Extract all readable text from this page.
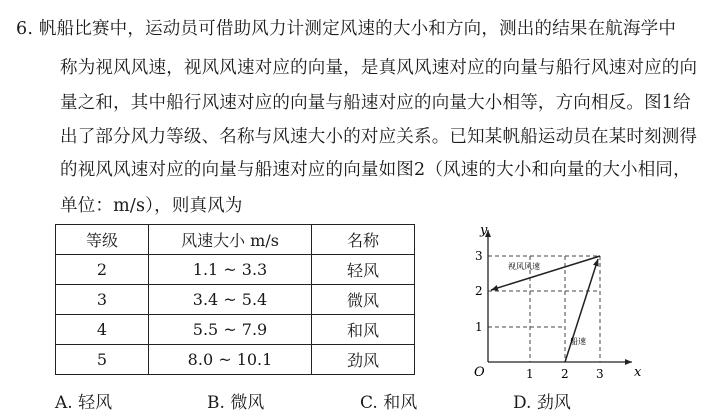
6. 帆船比赛中，运动员可借助风力计测定风速的大小和方向，测出的结果在航海学中
称为视风风速，视风风速对应的向量，是真风风速对应的向量与船行风速对应的向
量之和，其中船行风速对应的向量与船速对应的向量大小相等，方向相反。图1给
出了部分风力等级、名称与风速大小的对应关系。已知某帆船运动员在某时刻测得
的视风风速对应的向量与船速对应的向量如图2（风速的大小和向量的大小相同，
单位：m/s），则真风为
等级	风速大小 m/s	名称
2	1.1 ~ 3.3	轻风
3	3.4 ~ 5.4	微风
4	5.5 ~ 7.9	和风
5	8.0 ~ 10.1	劲风
y
x
O	1 2 3
1
2
3
视风风速
船速
A. 轻风	B. 微风	C. 和风	D. 劲风
